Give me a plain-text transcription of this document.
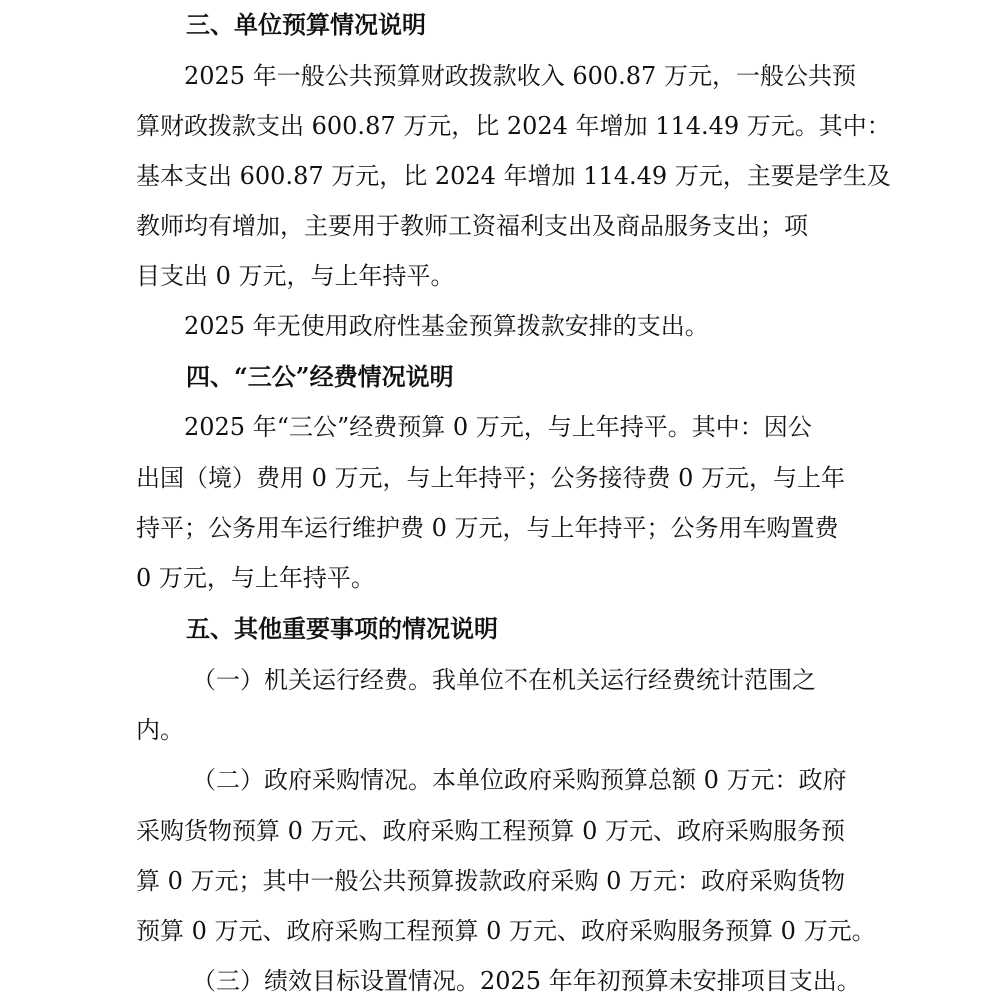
三、单位预算情况说明
2025 年一般公共预算财政拨款收入 600.87 万元，一般公共预
算财政拨款支出 600.87 万元，比 2024 年增加 114.49 万元。其中：
基本支出 600.87 万元，比 2024 年增加 114.49 万元，主要是学生及
教师均有增加，主要用于教师工资福利支出及商品服务支出；项
目支出 0 万元，与上年持平。
2025 年无使用政府性基金预算拨款安排的支出。
四、“三公”经费情况说明
2025 年“三公”经费预算 0 万元，与上年持平。其中：因公
出国（境）费用 0 万元，与上年持平；公务接待费 0 万元，与上年
持平；公务用车运行维护费 0 万元，与上年持平；公务用车购置费
0 万元，与上年持平。
五、其他重要事项的情况说明
（一）机关运行经费。我单位不在机关运行经费统计范围之
内。
（二）政府采购情况。本单位政府采购预算总额 0 万元：政府
采购货物预算 0 万元、政府采购工程预算 0 万元、政府采购服务预
算 0 万元；其中一般公共预算拨款政府采购 0 万元：政府采购货物
预算 0 万元、政府采购工程预算 0 万元、政府采购服务预算 0 万元。
（三）绩效目标设置情况。2025 年年初预算未安排项目支出。
